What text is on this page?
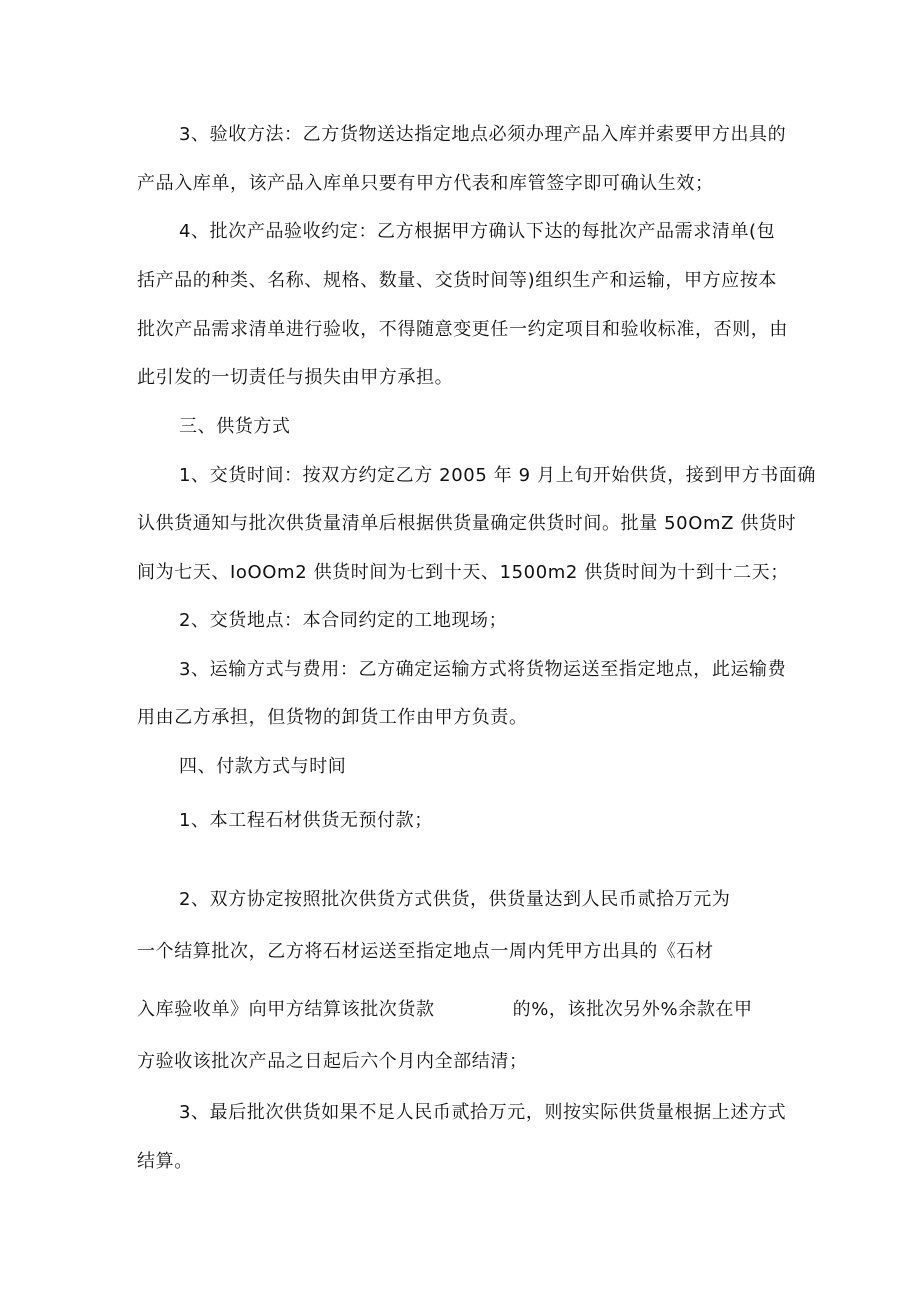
3、验收方法：乙方货物送达指定地点必须办理产品入库并索要甲方出具的
产品入库单，该产品入库单只要有甲方代表和库管签字即可确认生效；
4、批次产品验收约定：乙方根据甲方确认下达的每批次产品需求清单(包
括产品的种类、名称、规格、数量、交货时间等)组织生产和运输，甲方应按本
批次产品需求清单进行验收，不得随意变更任一约定项目和验收标准，否则，由
此引发的一切责任与损失由甲方承担。
三、供货方式
1、交货时间：按双方约定乙方 2005 年 9 月上旬开始供货，接到甲方书面确
认供货通知与批次供货量清单后根据供货量确定供货时间。批量 50OmZ 供货时
间为七天、IoOOm2 供货时间为七到十天、1500m2 供货时间为十到十二天；
2、交货地点：本合同约定的工地现场；
3、运输方式与费用：乙方确定运输方式将货物运送至指定地点，此运输费
用由乙方承担，但货物的卸货工作由甲方负责。
四、付款方式与时间
1、本工程石材供货无预付款；
2、双方协定按照批次供货方式供货，供货量达到人民币贰拾万元为
一个结算批次，乙方将石材运送至指定地点一周内凭甲方出具的《石材
入库验收单》向甲方结算该批次货款	的%，该批次另外%余款在甲
方验收该批次产品之日起后六个月内全部结清；
3、最后批次供货如果不足人民币贰拾万元，则按实际供货量根据上述方式
结算。
